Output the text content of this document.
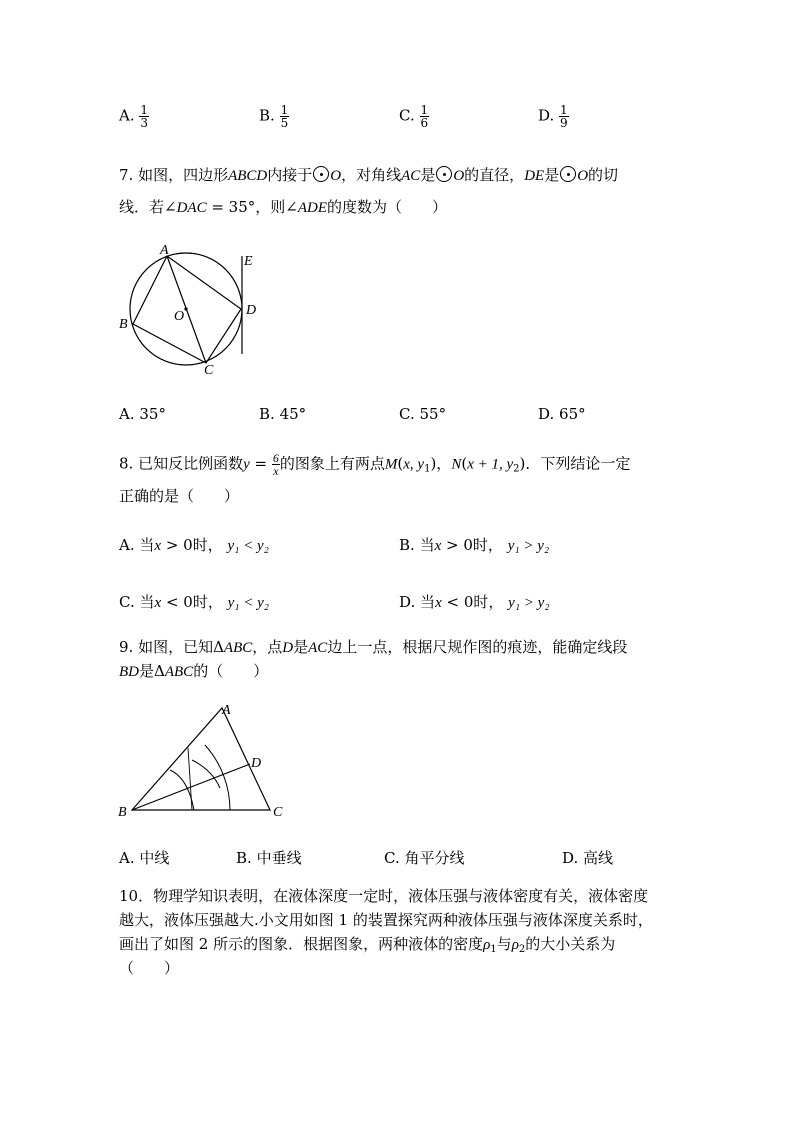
A. $\frac{1}{3}$	B. $\frac{1}{5}$	C. $\frac{1}{6}$	D. $\frac{1}{9}$
7. 如图，四边形ABCD内接于 O，对角线AC是 O的直径，DE是 O的切
线．若∠DAC = 35°，则∠ADE的度数为（　　）
A
B
C
D
E
O
A. 35°	B. 45°	C. 55°	D. 65°
8. 已知反比例函数$y = \frac{6}{x}$ 的图象上有两点M(x, $y_1$)，N(x + 1, $y_2$)．下列结论一定
正确的是（　　）
A. 当x > 0时， y₁ < y₂	B. 当x > 0时， y₁ > y₂
C. 当x < 0时， y₁ < y₂	D. 当x < 0时， y₁ > y₂
9. 如图，已知ΔABC，点D是AC边上一点，根据尺规作图的痕迹，能确定线段
BD是ΔABC的（　　）
A
B	C
D
A. 中线	B. 中垂线	C. 角平分线	D. 高线
10．物理学知识表明，在液体深度一定时，液体压强与液体密度有关，液体密度
越大，液体压强越大.小文用如图 1 的装置探究两种液体压强与液体深度关系时，
画出了如图 2 所示的图象．根据图象，两种液体的密度$\rho_1$与$\rho_2$的大小关系为
（　　）
